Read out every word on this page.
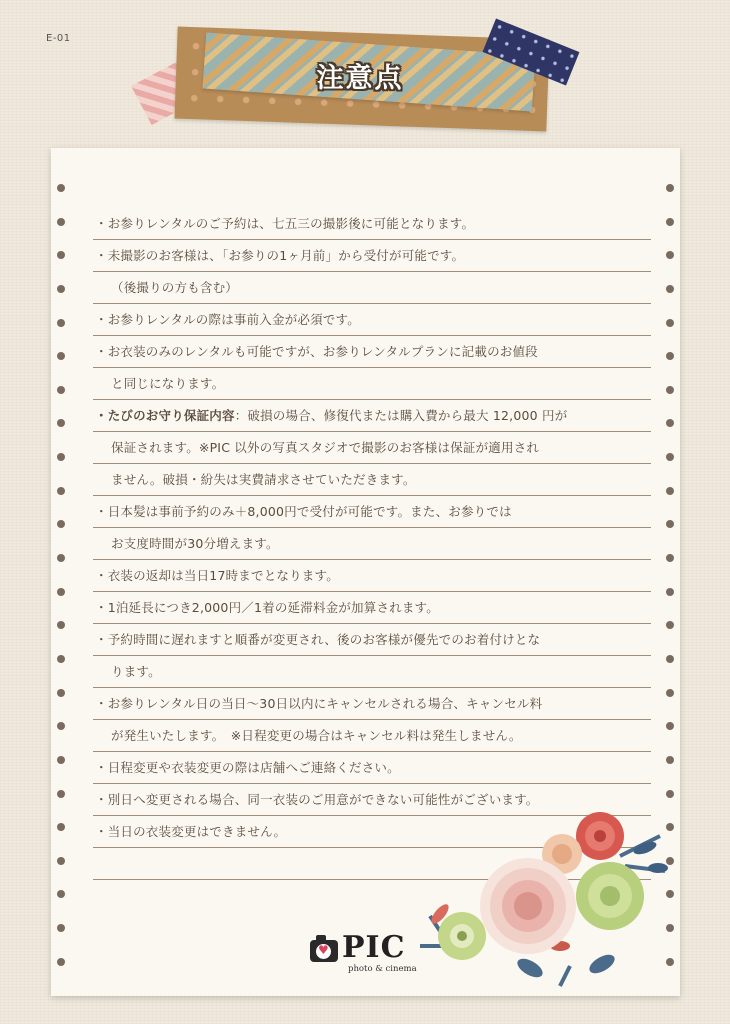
E-01
注意点
・お参りレンタルのご予約は、七五三の撮影後に可能となります。
・未撮影のお客様は、「お参りの1ヶ月前」から受付が可能です。
（後撮りの方も含む）
・お参りレンタルの際は事前入金が必須です。
・お衣装のみのレンタルも可能ですが、お参りレンタルプランに記載のお値段
と同じになります。
・たびのお守り保証内容：破損の場合、修復代または購入費から最大 12,000 円が
保証されます。※PIC 以外の写真スタジオで撮影のお客様は保証が適用され
ません。破損・紛失は実費請求させていただきます。
・日本髪は事前予約のみ＋8,000円で受付が可能です。また、お参りでは
お支度時間が30分増えます。
・衣装の返却は当日17時までとなります。
・1泊延長につき2,000円／1着の延滞料金が加算されます。
・予約時間に遅れますと順番が変更され、後のお客様が優先でのお着付けとな
ります。
・お参りレンタル日の当日〜30日以内にキャンセルされる場合、キャンセル料
が発生いたします。　※日程変更の場合はキャンセル料は発生しません。
・日程変更や衣装変更の際は店舗へご連絡ください。
・別日へ変更される場合、同一衣装のご用意ができない可能性がございます。
・当日の衣装変更はできません。
♥
PIC
photo & cinema
